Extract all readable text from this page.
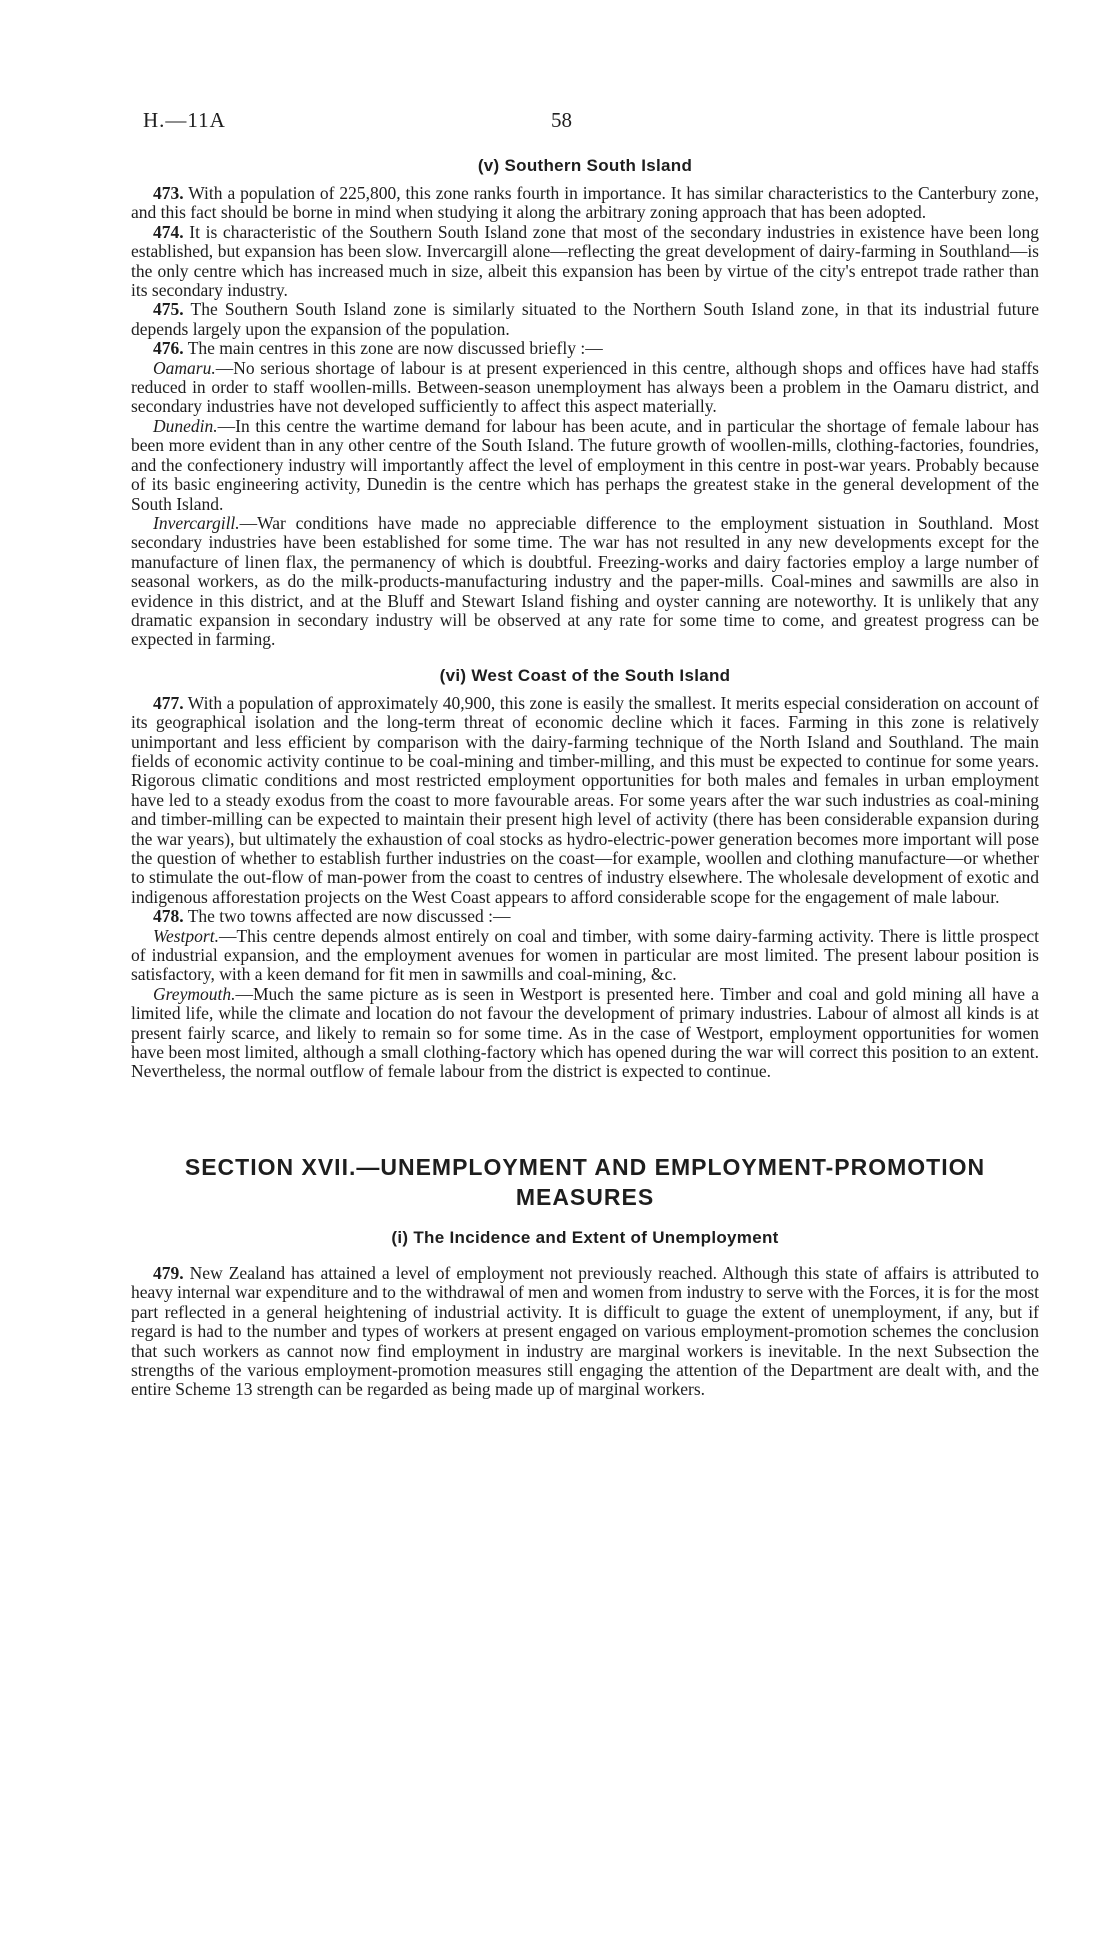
H.—11A	58
(v) Southern South Island

473. With a population of 225,800, this zone ranks fourth in importance. It has similar characteristics to the Canterbury zone, and this fact should be borne in mind when studying it along the arbitrary zoning approach that has been adopted.

474. It is characteristic of the Southern South Island zone that most of the secondary industries in existence have been long established, but expansion has been slow. Invercargill alone—reflecting the great development of dairy-farming in Southland—is the only centre which has increased much in size, albeit this expansion has been by virtue of the city's entrepot trade rather than its secondary industry.

475. The Southern South Island zone is similarly situated to the Northern South Island zone, in that its industrial future depends largely upon the expansion of the population.

476. The main centres in this zone are now discussed briefly :—

Oamaru.—No serious shortage of labour is at present experienced in this centre, although shops and offices have had staffs reduced in order to staff woollen-mills. Between-season unemployment has always been a problem in the Oamaru district, and secondary industries have not developed sufficiently to affect this aspect materially.

Dunedin.—In this centre the wartime demand for labour has been acute, and in particular the shortage of female labour has been more evident than in any other centre of the South Island. The future growth of woollen-mills, clothing-factories, foundries, and the confectionery industry will importantly affect the level of employment in this centre in post-war years. Probably because of its basic engineering activity, Dunedin is the centre which has perhaps the greatest stake in the general development of the South Island.

Invercargill.—War conditions have made no appreciable difference to the employment sistuation in Southland. Most secondary industries have been established for some time. The war has not resulted in any new developments except for the manufacture of linen flax, the permanency of which is doubtful. Freezing-works and dairy factories employ a large number of seasonal workers, as do the milk-products-manufacturing industry and the paper-mills. Coal-mines and sawmills are also in evidence in this district, and at the Bluff and Stewart Island fishing and oyster canning are noteworthy. It is unlikely that any dramatic expansion in secondary industry will be observed at any rate for some time to come, and greatest progress can be expected in farming.

(vi) West Coast of the South Island

477. With a population of approximately 40,900, this zone is easily the smallest. It merits especial consideration on account of its geographical isolation and the long-term threat of economic decline which it faces. Farming in this zone is relatively unimportant and less efficient by comparison with the dairy-farming technique of the North Island and Southland. The main fields of economic activity continue to be coal-mining and timber-milling, and this must be expected to continue for some years. Rigorous climatic conditions and most restricted employment opportunities for both males and females in urban employment have led to a steady exodus from the coast to more favourable areas. For some years after the war such industries as coal-mining and timber-milling can be expected to maintain their present high level of activity (there has been considerable expansion during the war years), but ultimately the exhaustion of coal stocks as hydro-electric-power generation becomes more important will pose the question of whether to establish further industries on the coast—for example, woollen and clothing manufacture—or whether to stimulate the out-flow of man-power from the coast to centres of industry elsewhere. The wholesale development of exotic and indigenous afforestation projects on the West Coast appears to afford considerable scope for the engagement of male labour.

478. The two towns affected are now discussed :—

Westport.—This centre depends almost entirely on coal and timber, with some dairy-farming activity. There is little prospect of industrial expansion, and the employment avenues for women in particular are most limited. The present labour position is satisfactory, with a keen demand for fit men in sawmills and coal-mining, &c.

Greymouth.—Much the same picture as is seen in Westport is presented here. Timber and coal and gold mining all have a limited life, while the climate and location do not favour the development of primary industries. Labour of almost all kinds is at present fairly scarce, and likely to remain so for some time. As in the case of Westport, employment opportunities for women have been most limited, although a small clothing-factory which has opened during the war will correct this position to an extent. Nevertheless, the normal outflow of female labour from the district is expected to continue.

SECTION XVII.—UNEMPLOYMENT AND EMPLOYMENT-PROMOTION
MEASURES
(i) The Incidence and Extent of Unemployment

479. New Zealand has attained a level of employment not previously reached. Although this state of affairs is attributed to heavy internal war expenditure and to the withdrawal of men and women from industry to serve with the Forces, it is for the most part reflected in a general heightening of industrial activity. It is difficult to guage the extent of unemployment, if any, but if regard is had to the number and types of workers at present engaged on various employment-promotion schemes the conclusion that such workers as cannot now find employment in industry are marginal workers is inevitable. In the next Subsection the strengths of the various employment-promotion measures still engaging the attention of the Department are dealt with, and the entire Scheme 13 strength can be regarded as being made up of marginal workers.
